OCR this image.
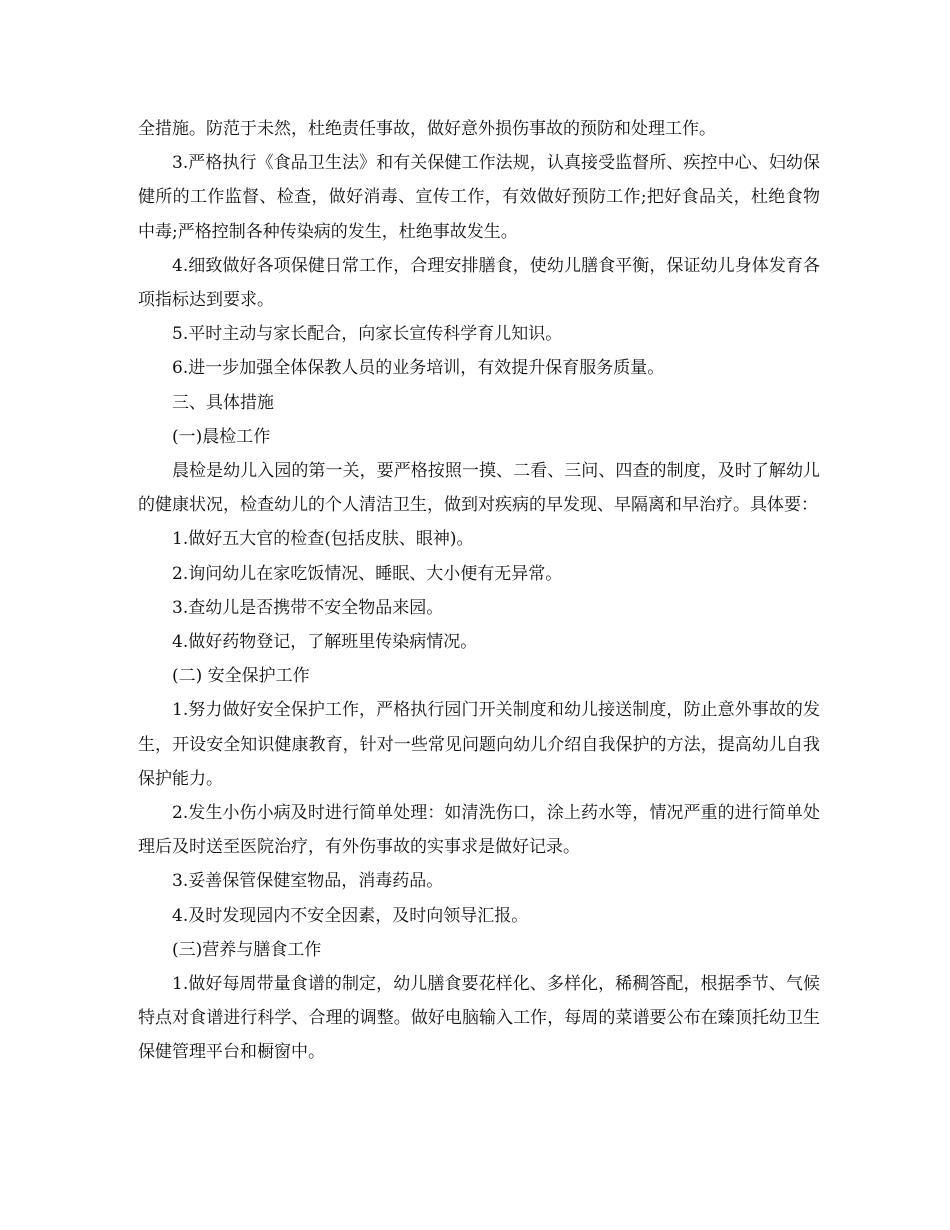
全措施。防范于未然，杜绝责任事故，做好意外损伤事故的预防和处理工作。

3.严格执行《食品卫生法》和有关保健工作法规，认真接受监督所、疾控中心、妇幼保健所的工作监督、检查，做好消毒、宣传工作，有效做好预防工作;把好食品关，杜绝食物中毒;严格控制各种传染病的发生，杜绝事故发生。

4.细致做好各项保健日常工作，合理安排膳食，使幼儿膳食平衡，保证幼儿身体发育各项指标达到要求。

5.平时主动与家长配合，向家长宣传科学育儿知识。

6.进一步加强全体保教人员的业务培训，有效提升保育服务质量。

三、具体措施

(一)晨检工作

晨检是幼儿入园的第一关，要严格按照一摸、二看、三问、四查的制度，及时了解幼儿的健康状况，检查幼儿的个人清洁卫生，做到对疾病的早发现、早隔离和早治疗。具体要：

1.做好五大官的检查(包括皮肤、眼神)。

2.询问幼儿在家吃饭情况、睡眠、大小便有无异常。

3.查幼儿是否携带不安全物品来园。

4.做好药物登记，了解班里传染病情况。

(二) 安全保护工作

1.努力做好安全保护工作，严格执行园门开关制度和幼儿接送制度，防止意外事故的发生，开设安全知识健康教育，针对一些常见问题向幼儿介绍自我保护的方法，提高幼儿自我保护能力。

2.发生小伤小病及时进行简单处理：如清洗伤口，涂上药水等，情况严重的进行简单处理后及时送至医院治疗，有外伤事故的实事求是做好记录。

3.妥善保管保健室物品，消毒药品。

4.及时发现园内不安全因素，及时向领导汇报。

(三)营养与膳食工作

1.做好每周带量食谱的制定，幼儿膳食要花样化、多样化，稀稠答配，根据季节、气候特点对食谱进行科学、合理的调整。做好电脑输入工作，每周的菜谱要公布在臻顶托幼卫生保健管理平台和橱窗中。
